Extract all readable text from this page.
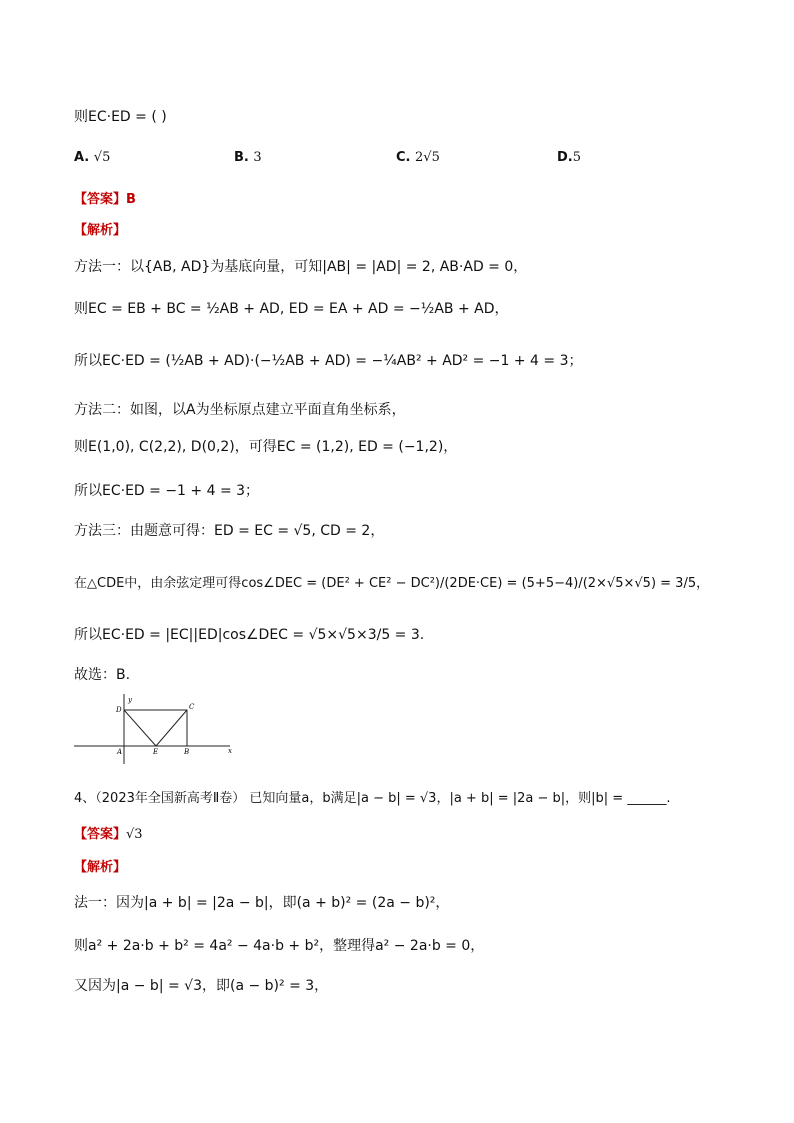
则EC·ED = ( )
A. √5	B. 3	C. 2√5	D.5
【答案】B
【解析】
方法一：以{AB, AD}为基底向量，可知|AB| = |AD| = 2, AB·AD = 0，
则EC = EB + BC = ½AB + AD, ED = EA + AD = −½AB + AD，
所以EC·ED = (½AB + AD)·(−½AB + AD) = −¼AB² + AD² = −1 + 4 = 3；
方法二：如图，以A为坐标原点建立平面直角坐标系，
则E(1,0), C(2,2), D(0,2)，可得EC = (1,2), ED = (−1,2)，
所以EC·ED = −1 + 4 = 3；
方法三：由题意可得：ED = EC = √5, CD = 2，
在△CDE中，由余弦定理可得cos∠DEC = (DE² + CE² − DC²)/(2DE·CE) = (5+5−4)/(2×√5×√5) = 3/5，
所以EC·ED = |EC||ED|cos∠DEC = √5×√5×3/5 = 3.
故选：B.
y
x
A	B
C
D
E
4、（2023年全国新高考Ⅱ卷） 已知向量a，b满足|a − b| = √3，|a + b| = |2a − b|，则|b| = ______.
【答案】√3
【解析】
法一：因为|a + b| = |2a − b|，即(a + b)² = (2a − b)²，
则a² + 2a·b + b² = 4a² − 4a·b + b²，整理得a² − 2a·b = 0，
又因为|a − b| = √3，即(a − b)² = 3，
